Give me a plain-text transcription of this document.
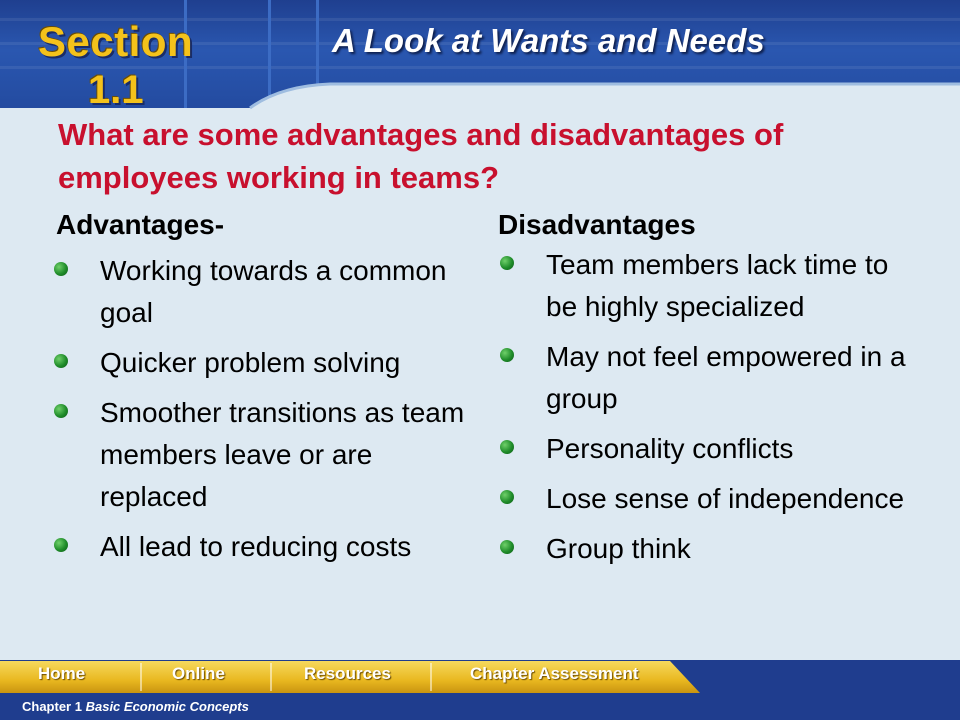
Section
1.1
A Look at Wants and Needs
What are some advantages and disadvantages of employees working in teams?
Advantages-
Working towards a common goal
Quicker problem solving
Smoother transitions as team members leave or are replaced
All lead to reducing costs
Disadvantages
Team members lack time to be highly specialized
May not feel empowered in a group
Personality conflicts
Lose sense of independence
Group think
Home	Online	Resources	Chapter Assessment
Chapter 1 Basic Economic Concepts
